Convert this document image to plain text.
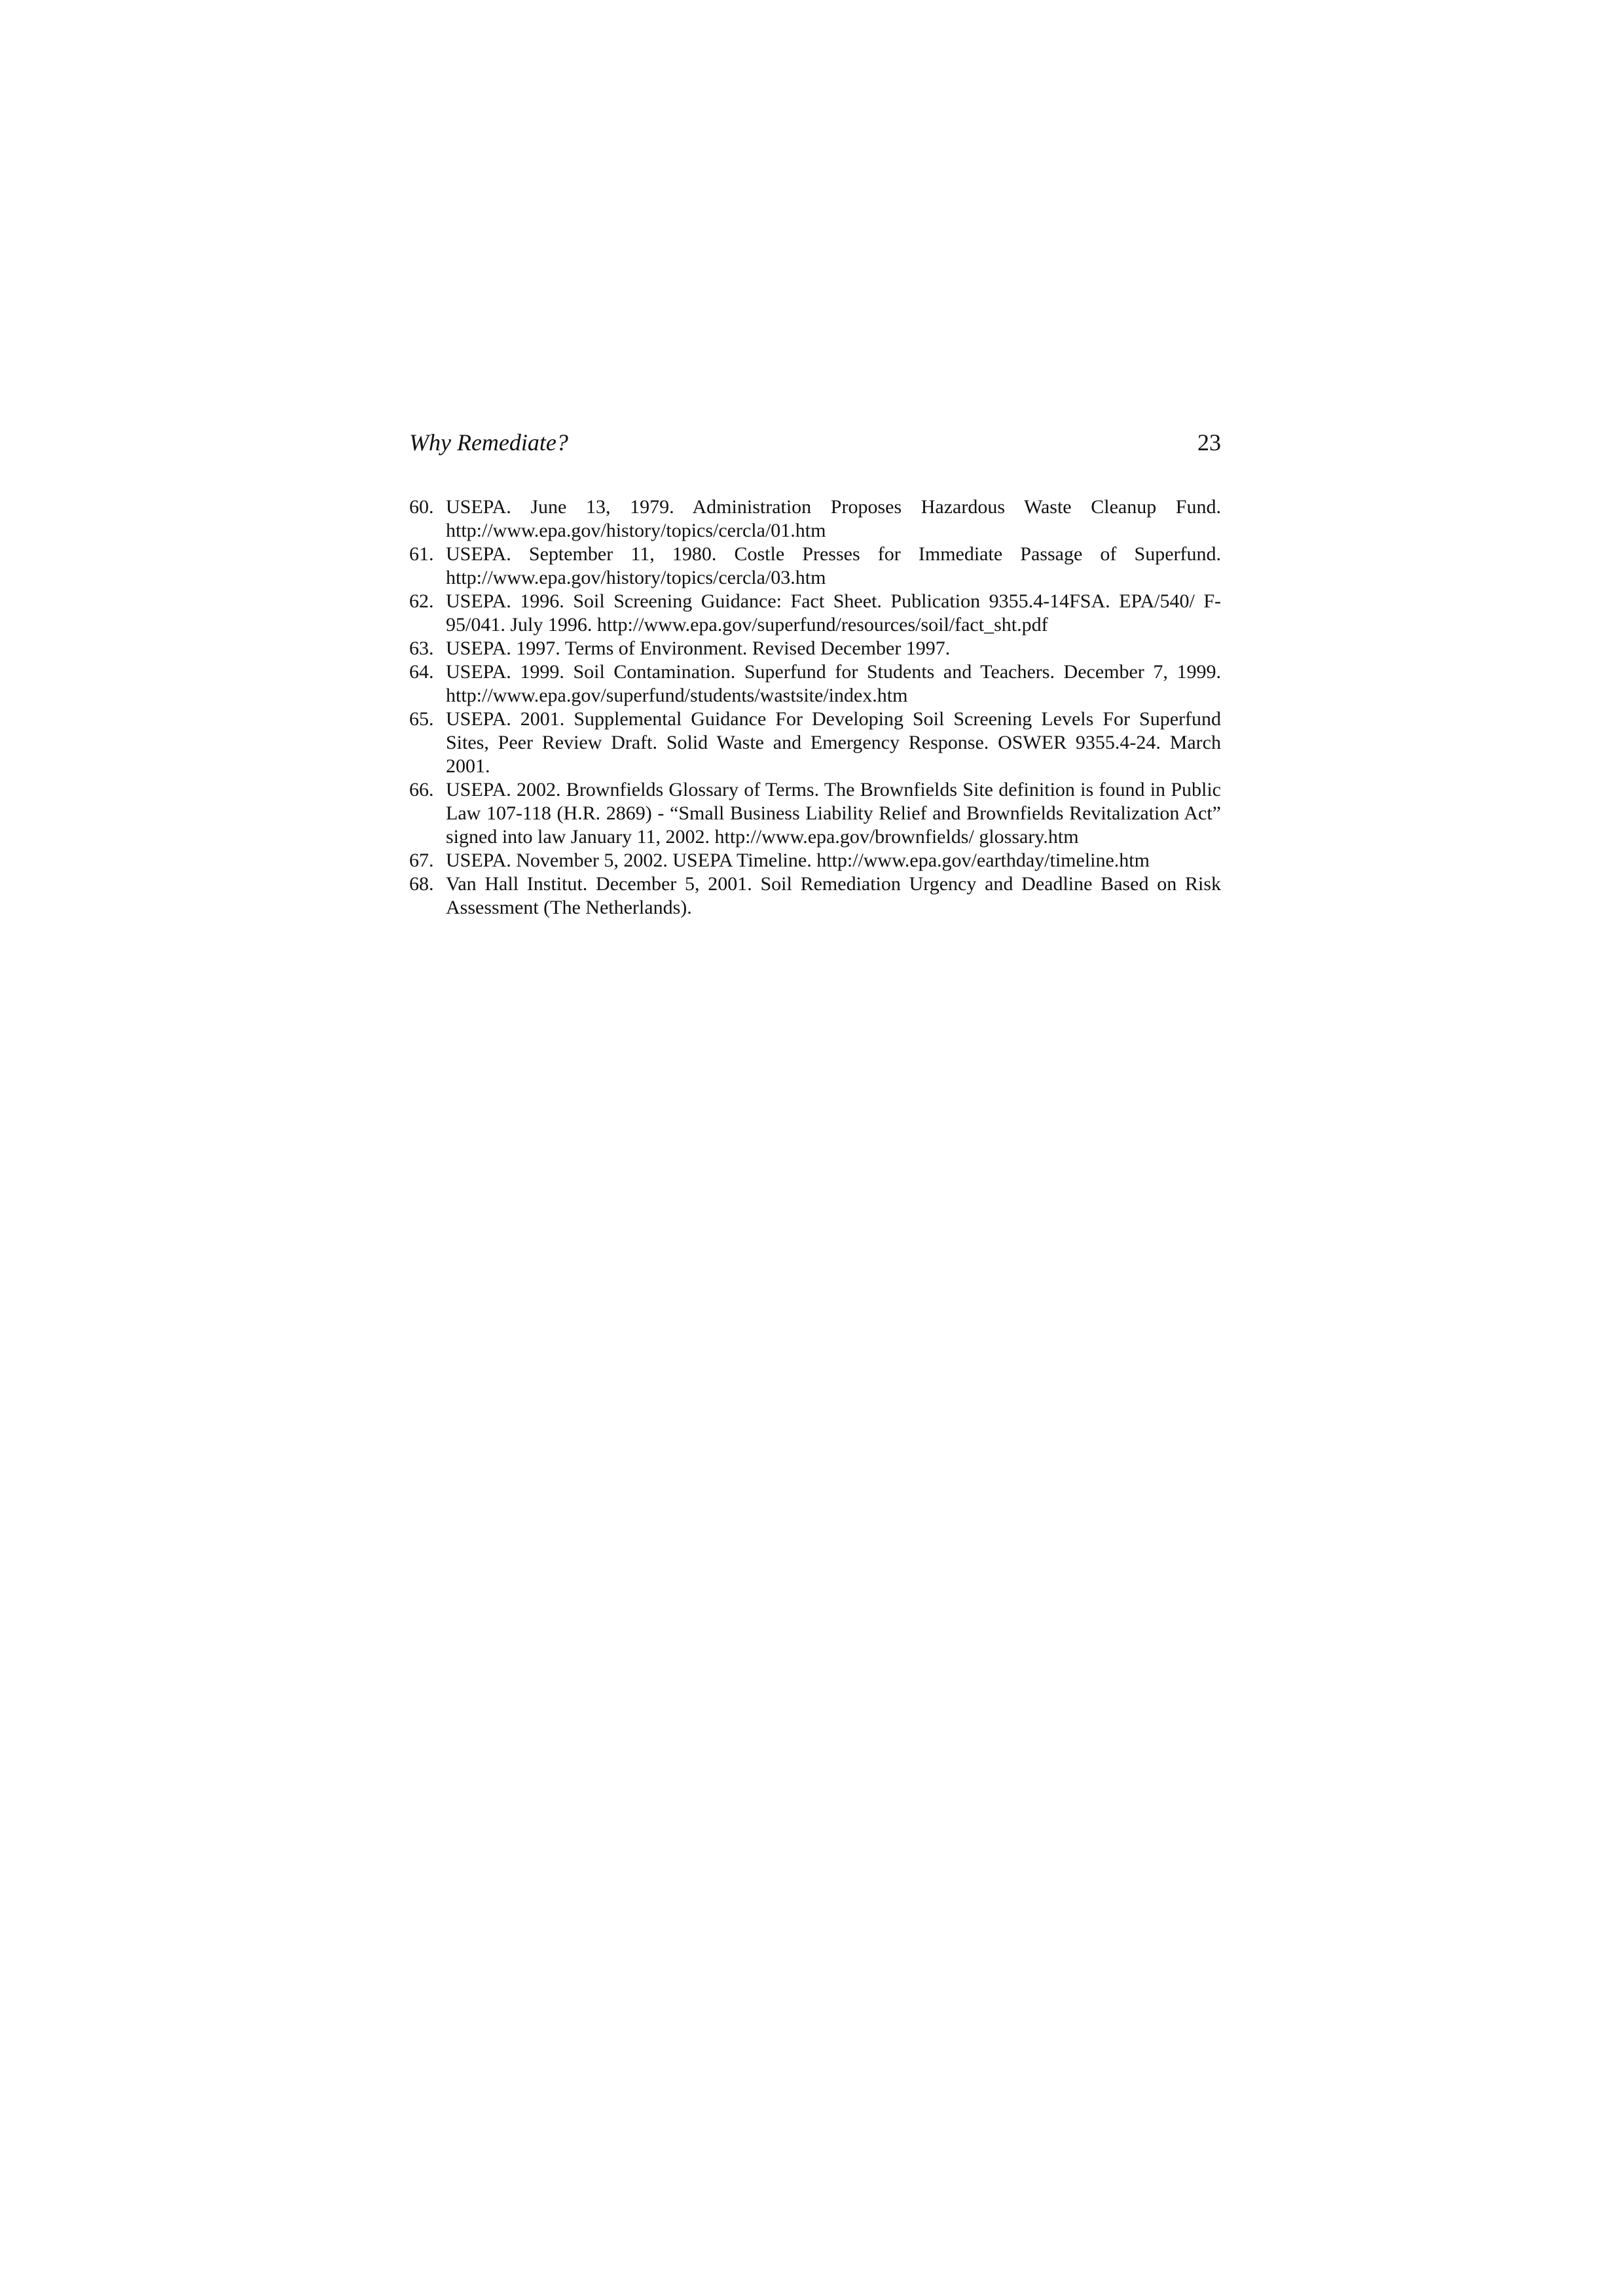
Why Remediate?	23
60. USEPA. June 13, 1979. Administration Proposes Hazardous Waste Cleanup Fund. http://www.epa.gov/history/topics/cercla/01.htm
61. USEPA. September 11, 1980. Costle Presses for Immediate Passage of Superfund. http://www.epa.gov/history/topics/cercla/03.htm
62. USEPA. 1996. Soil Screening Guidance: Fact Sheet. Publication 9355.4-14FSA. EPA/540/ F-95/041. July 1996. http://www.epa.gov/superfund/resources/soil/fact_sht.pdf
63. USEPA. 1997. Terms of Environment. Revised December 1997.
64. USEPA. 1999. Soil Contamination. Superfund for Students and Teachers. December 7, 1999. http://www.epa.gov/superfund/students/wastsite/index.htm
65. USEPA. 2001. Supplemental Guidance For Developing Soil Screening Levels For Superfund Sites, Peer Review Draft. Solid Waste and Emergency Response. OSWER 9355.4-24. March 2001.
66. USEPA. 2002. Brownfields Glossary of Terms. The Brownfields Site definition is found in Public Law 107-118 (H.R. 2869) - “Small Business Liability Relief and Brownfields Revitalization Act” signed into law January 11, 2002. http://www.epa.gov/brownfields/ glossary.htm
67. USEPA. November 5, 2002. USEPA Timeline. http://www.epa.gov/earthday/timeline.htm
68. Van Hall Institut. December 5, 2001. Soil Remediation Urgency and Deadline Based on Risk Assessment (The Netherlands).
